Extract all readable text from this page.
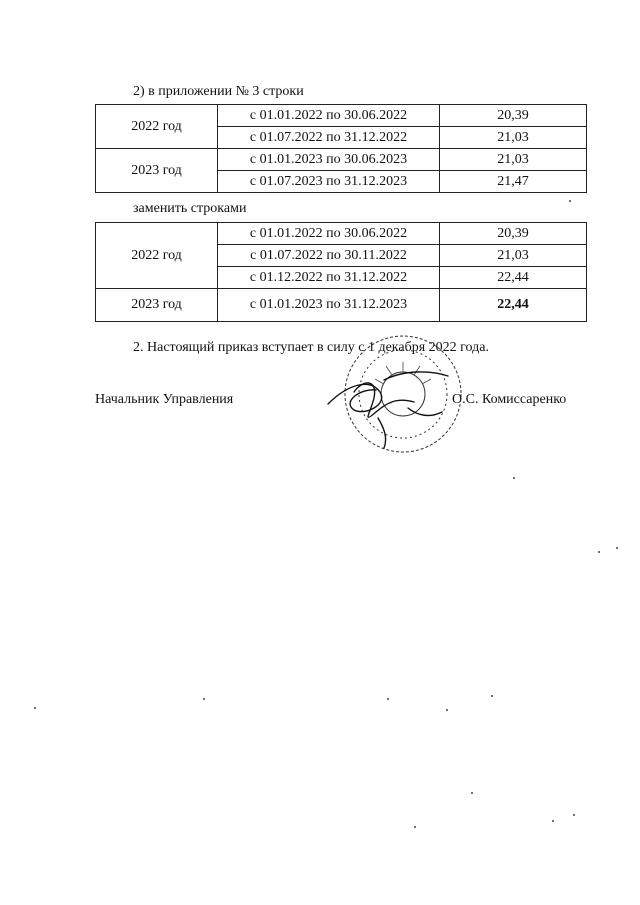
2) в приложении № 3 строки
2022 год	с 01.01.2022 по 30.06.2022	20,39
	с 01.07.2022 по 31.12.2022	21,03
2023 год	с 01.01.2023 по 30.06.2023	21,03
	с 01.07.2023 по 31.12.2023	21,47
заменить строками
2022 год	с 01.01.2022 по 30.06.2022	20,39
	с 01.07.2022 по 30.11.2022	21,03
	с 01.12.2022 по 31.12.2022	22,44
2023 год	с 01.01.2023 по 31.12.2023	22,44
2. Настоящий приказ вступает в силу с 1 декабря 2022 года.
Начальник Управления	О.С. Комиссаренко
